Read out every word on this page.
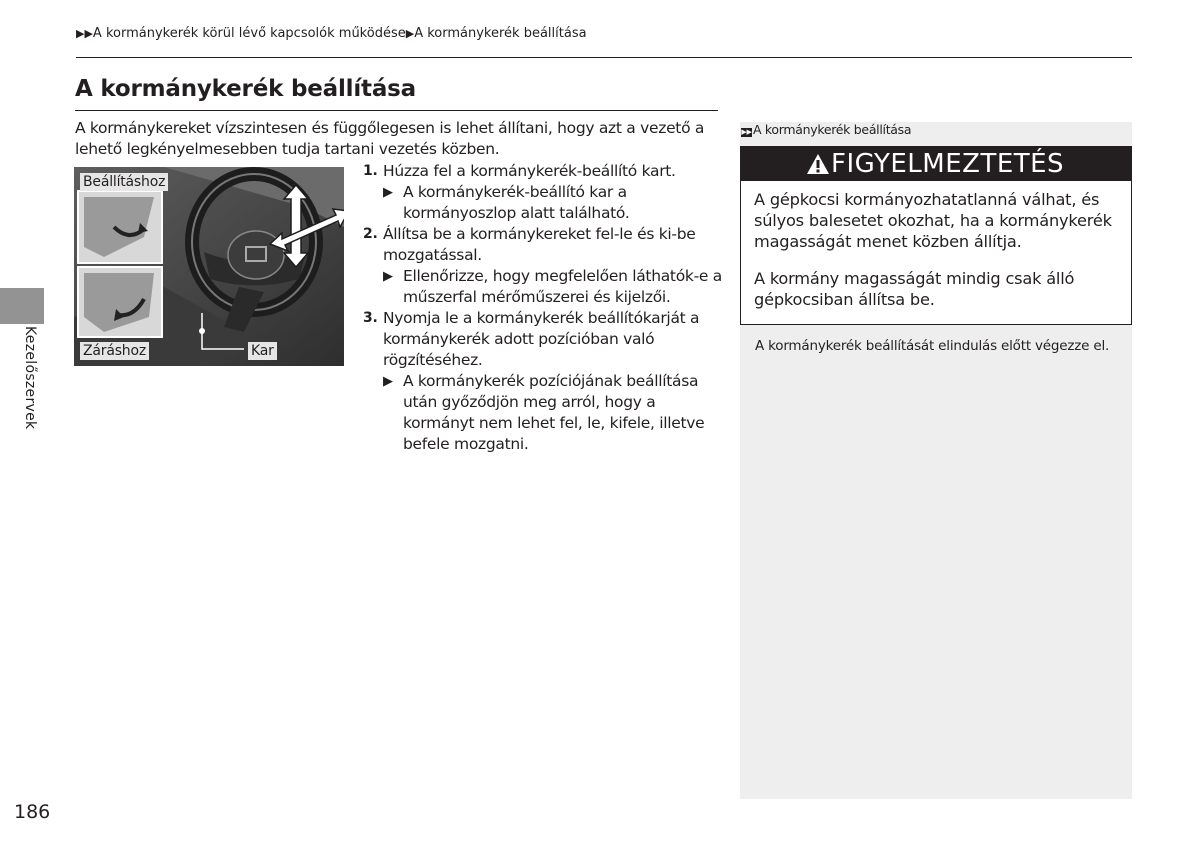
▶▶A kormánykerék körül lévő kapcsolók működése▶A kormánykerék beállítása
A kormánykerék beállítása

A kormánykereket vízszintesen és függőlegesen is lehet állítani, hogy azt a vezető a lehető legkényelmesebben tudja tartani vezetés közben.

Beállításhoz
Záráshoz	Kar
1. Húzza fel a kormánykerék-beállító kart.
▶ A kormánykerék-beállító kar a kormányoszlop alatt található.
2. Állítsa be a kormánykereket fel-le és ki-be mozgatással.
▶ Ellenőrizze, hogy megfelelően láthatók-e a műszerfal mérőműszerei és kijelzői.
3. Nyomja le a kormánykerék beállítókarját a kormánykerék adott pozícióban való rögzítéséhez.
▶ A kormánykerék pozíciójának beállítása után győződjön meg arról, hogy a kormányt nem lehet fel, le, kifele, illetve befele mozgatni.
Kezelőszervek
186
▶▶A kormánykerék beállítása
FIGYELMEZTETÉS

A gépkocsi kormányozhatatlanná válhat, és súlyos balesetet okozhat, ha a kormánykerék magasságát menet közben állítja.

A kormány magasságát mindig csak álló gépkocsiban állítsa be.

A kormánykerék beállítását elindulás előtt végezze el.
